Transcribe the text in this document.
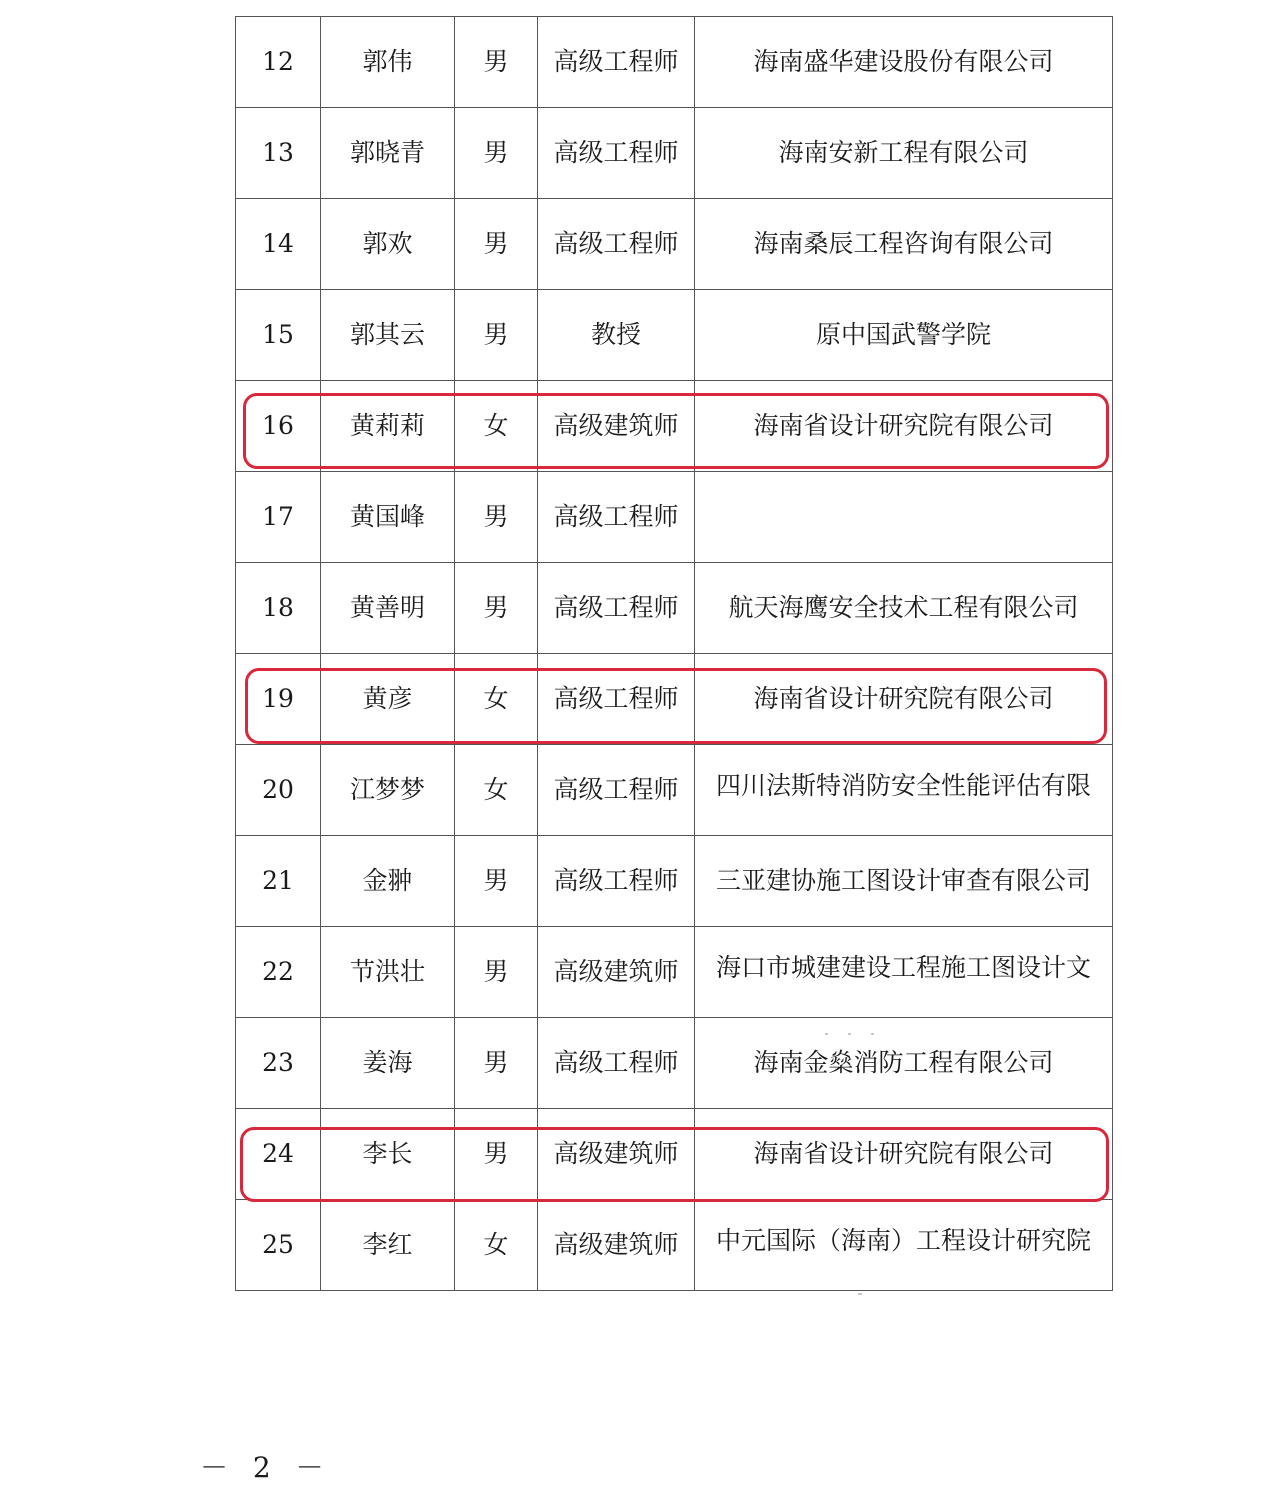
12	郭伟	男	高级工程师	海南盛华建设股份有限公司
13	郭晓青	男	高级工程师	海南安新工程有限公司
14	郭欢	男	高级工程师	海南桑辰工程咨询有限公司
15	郭其云	男	教授	原中国武警学院
16	黄莉莉	女	高级建筑师	海南省设计研究院有限公司
17	黄国峰	男	高级工程师	
18	黄善明	男	高级工程师	航天海鹰安全技术工程有限公司
19	黄彦	女	高级工程师	海南省设计研究院有限公司
20	江梦梦	女	高级工程师	四川法斯特消防安全性能评估有限
21	金翀	男	高级工程师	三亚建协施工图设计审查有限公司
22	节洪壮	男	高级建筑师	海口市城建建设工程施工图设计文
23	姜海	男	高级工程师	海南金燊消防工程有限公司
24	李长	男	高级建筑师	海南省设计研究院有限公司
25	李红	女	高级建筑师	中元国际（海南）工程设计研究院
－ 2 －
